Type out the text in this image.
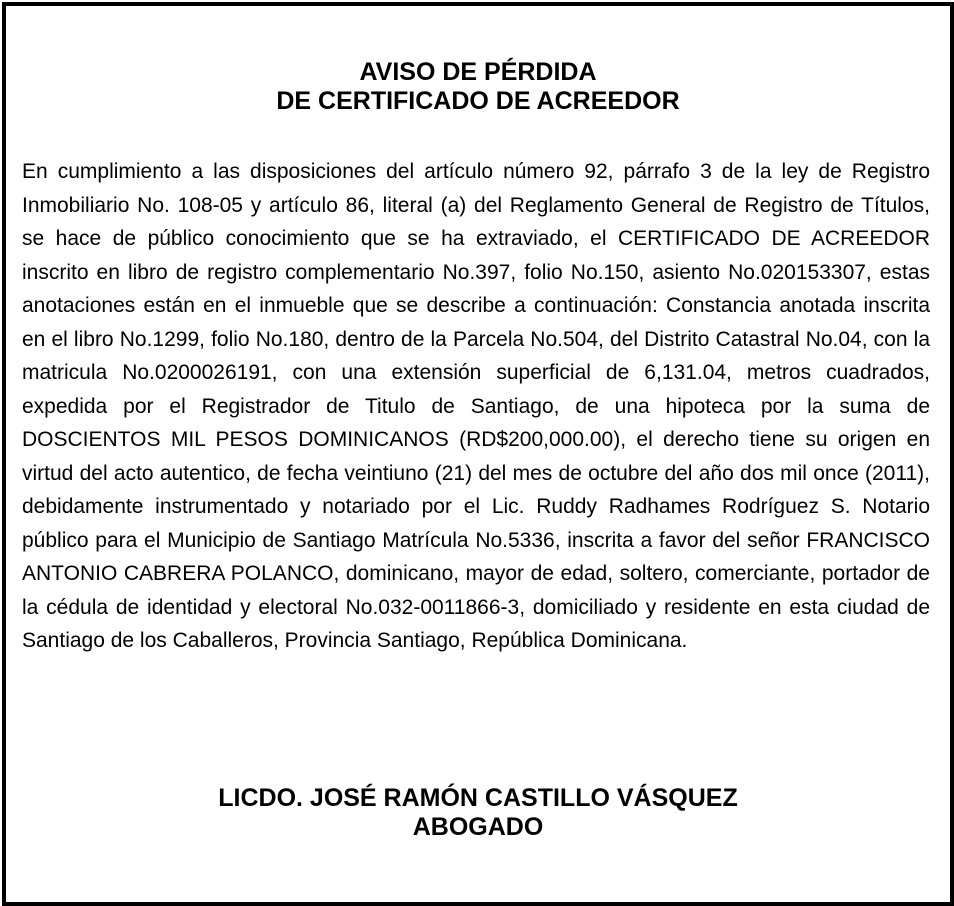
AVISO DE PÉRDIDA
DE CERTIFICADO DE ACREEDOR

En cumplimiento a las disposiciones del artículo número 92, párrafo 3 de la ley de Registro Inmobiliario No. 108-05 y artículo 86, literal (a) del Reglamento General de Registro de Títulos, se hace de público conocimiento que se ha extraviado, el CERTIFICADO DE ACREEDOR inscrito en libro de registro complementario No.397, folio No.150, asiento No.020153307, estas anotaciones están en el inmueble que se describe a continuación: Constancia anotada inscrita en el libro No.1299, folio No.180, dentro de la Parcela No.504, del Distrito Catastral No.04, con la matricula No.0200026191, con una extensión superficial de 6,131.04, metros cuadrados, expedida por el Registrador de Titulo de Santiago, de una hipoteca por la suma de DOSCIENTOS MIL PESOS DOMINICANOS (RD$200,000.00), el derecho tiene su origen en virtud del acto autentico, de fecha veintiuno (21) del mes de octubre del año dos mil once (2011), debidamente instrumentado y notariado por el Lic. Ruddy Radhames Rodríguez S. Notario público para el Municipio de Santiago Matrícula No.5336, inscrita a favor del señor FRANCISCO ANTONIO CABRERA POLANCO, dominicano, mayor de edad, soltero, comerciante, portador de la cédula de identidad y electoral No.032-0011866-3, domiciliado y residente en esta ciudad de Santiago de los Caballeros, Provincia Santiago, República Dominicana.

LICDO. JOSÉ RAMÓN CASTILLO VÁSQUEZ
ABOGADO
